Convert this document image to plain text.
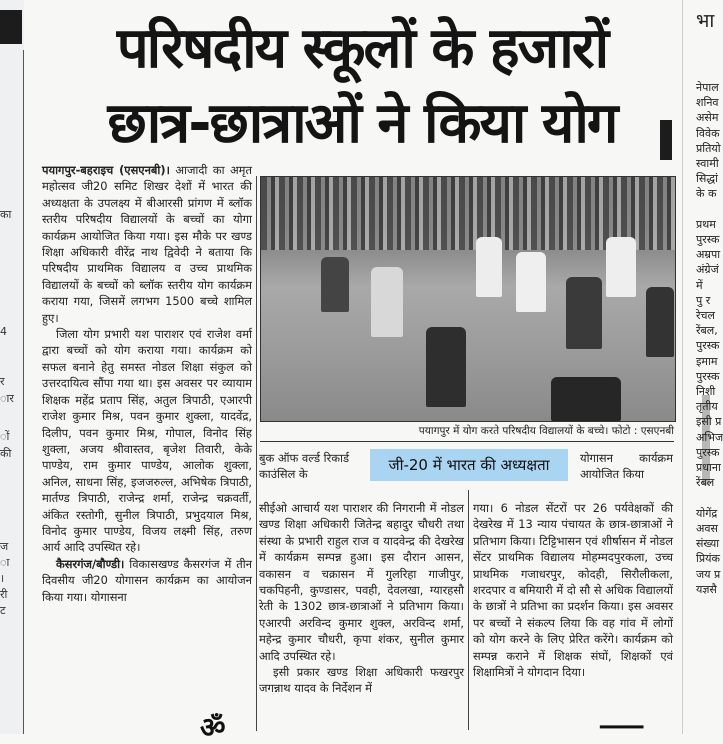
का
4
र
ार
ों
की
ज
ा
।
री
ट
परिषदीय स्कूलों के हजारों
छात्र-छात्राओं ने किया योग

पयागपुर-बहराइच (एसएनबी)। आजादी का अमृत महोत्सव जी20 समिट शिखर देशों में भारत की अध्यक्षता के उपलक्ष्य में बीआरसी प्रांगण में ब्लॉक स्तरीय परिषदीय विद्यालयों के बच्चों का योगा कार्यक्रम आयोजित किया गया। इस मौके पर खण्ड शिक्षा अधिकारी वीरेंद्र नाथ द्विवेदी ने बताया कि परिषदीय प्राथमिक विद्यालय व उच्च प्राथमिक विद्यालयों के बच्चों को ब्लॉक स्तरीय योग कार्यक्रम कराया गया, जिसमें लगभग 1500 बच्चे शामिल हुए।

जिला योग प्रभारी यश पाराशर एवं राजेश वर्मा द्वारा बच्चों को योग कराया गया। कार्यक्रम को सफल बनाने हेतु समस्त नोडल शिक्षा संकुल को उत्तरदायित्व सौंपा गया था। इस अवसर पर व्यायाम शिक्षक महेंद्र प्रताप सिंह, अतुल त्रिपाठी, एआरपी राजेश कुमार मिश्र, पवन कुमार शुक्ला, यादवेंद्र, दिलीप, पवन कुमार मिश्र, गोपाल, विनोद सिंह शुक्ला, अजय श्रीवास्तव, बृजेश तिवारी, केके पाण्डेय, राम कुमार पाण्डेय, आलोक शुक्ला, अनिल, साधना सिंह, इजजरुल्ल, अभिषेक त्रिपाठी, मार्तण्ड त्रिपाठी, राजेन्द्र शर्मा, राजेन्द्र चक्रवर्ती, अंकित रस्तोगी, सुनील त्रिपाठी, प्रभुदयाल मिश्र, विनोद कुमार पाण्डेय, विजय लक्ष्मी सिंह, तरुण आर्य आदि उपस्थित रहे।

कैसरगंज/बौण्डी। विकासखण्ड कैसरगंज में तीन दिवसीय जी20 योगासन कार्यक्रम का आयोजन किया गया। योगासना

पयागपुर में योग करते परिषदीय विद्यालयों के बच्चे। फोटो : एसएनबी
बुक ऑफ वर्ल्ड रिकार्ड काउंसिल के
जी-20 में भारत की अध्यक्षता	योगासन कार्यक्रम आयोजित किया

सीईओ आचार्य यश पाराशर की निगरानी में नोडल खण्ड शिक्षा अधिकारी जितेन्द्र बहादुर चौधरी तथा संस्था के प्रभारी राहुल राज व यादवेन्द्र की देखरेख में कार्यक्रम सम्पन्न हुआ। इस दौरान आसन, वकासन व चक्रासन में गुलरिहा गाजीपुर, चकपिहनी, कुण्डासर, पवही, देवलखा, ग्यारहसौ रेती के 1302 छात्र-छात्राओं ने प्रतिभाग किया। एआरपी अरविन्द कुमार शुक्ल, अरविन्द शर्मा, महेन्द्र कुमार चौधरी, कृपा शंकर, सुनील कुमार आदि उपस्थित रहे।

इसी प्रकार खण्ड शिक्षा अधिकारी फखरपुर जगन्नाथ यादव के निर्देशन में

गया। 6 नोडल सेंटरों पर 26 पर्यवेक्षकों की देखरेख में 13 न्याय पंचायत के छात्र-छात्राओं ने प्रतिभाग किया। टिट्टिभासन एवं शीर्षासन में नोडल सेंटर प्राथमिक विद्यालय मोहम्मदपुरकला, उच्च प्राथमिक गजाधरपुर, कोदही, सिरौलीकला, शरदपार व बमियारी में दो सौ से अधिक विद्यालयों के छात्रों ने प्रतिभा का प्रदर्शन किया। इस अवसर पर बच्चों ने संकल्प लिया कि वह गांव में लोगों को योग करने के लिए प्रेरित करेंगे। कार्यक्रम को सम्पन्न कराने में शिक्षक संघों, शिक्षकों एवं शिक्षामित्रों ने योगदान दिया।
भा
नेपाल
शनिव
असेम
विवेक
प्रतियो
स्वामी
सिद्धां
के क

प्रथम
पुरस्क
अम्रपा
अंग्रेजं
में
पु र
रेचल
रेंबल,
पुरस्क
इमाम
पुरस्क
निशी
तृतीय
इसी प्र
अभिज
पुरस्क
प्रधाना
रेंबल

योगेंद्र
अवस
संख्या
प्रियंक
जय प्र
यज्ञसै
ॐ	━━━━
